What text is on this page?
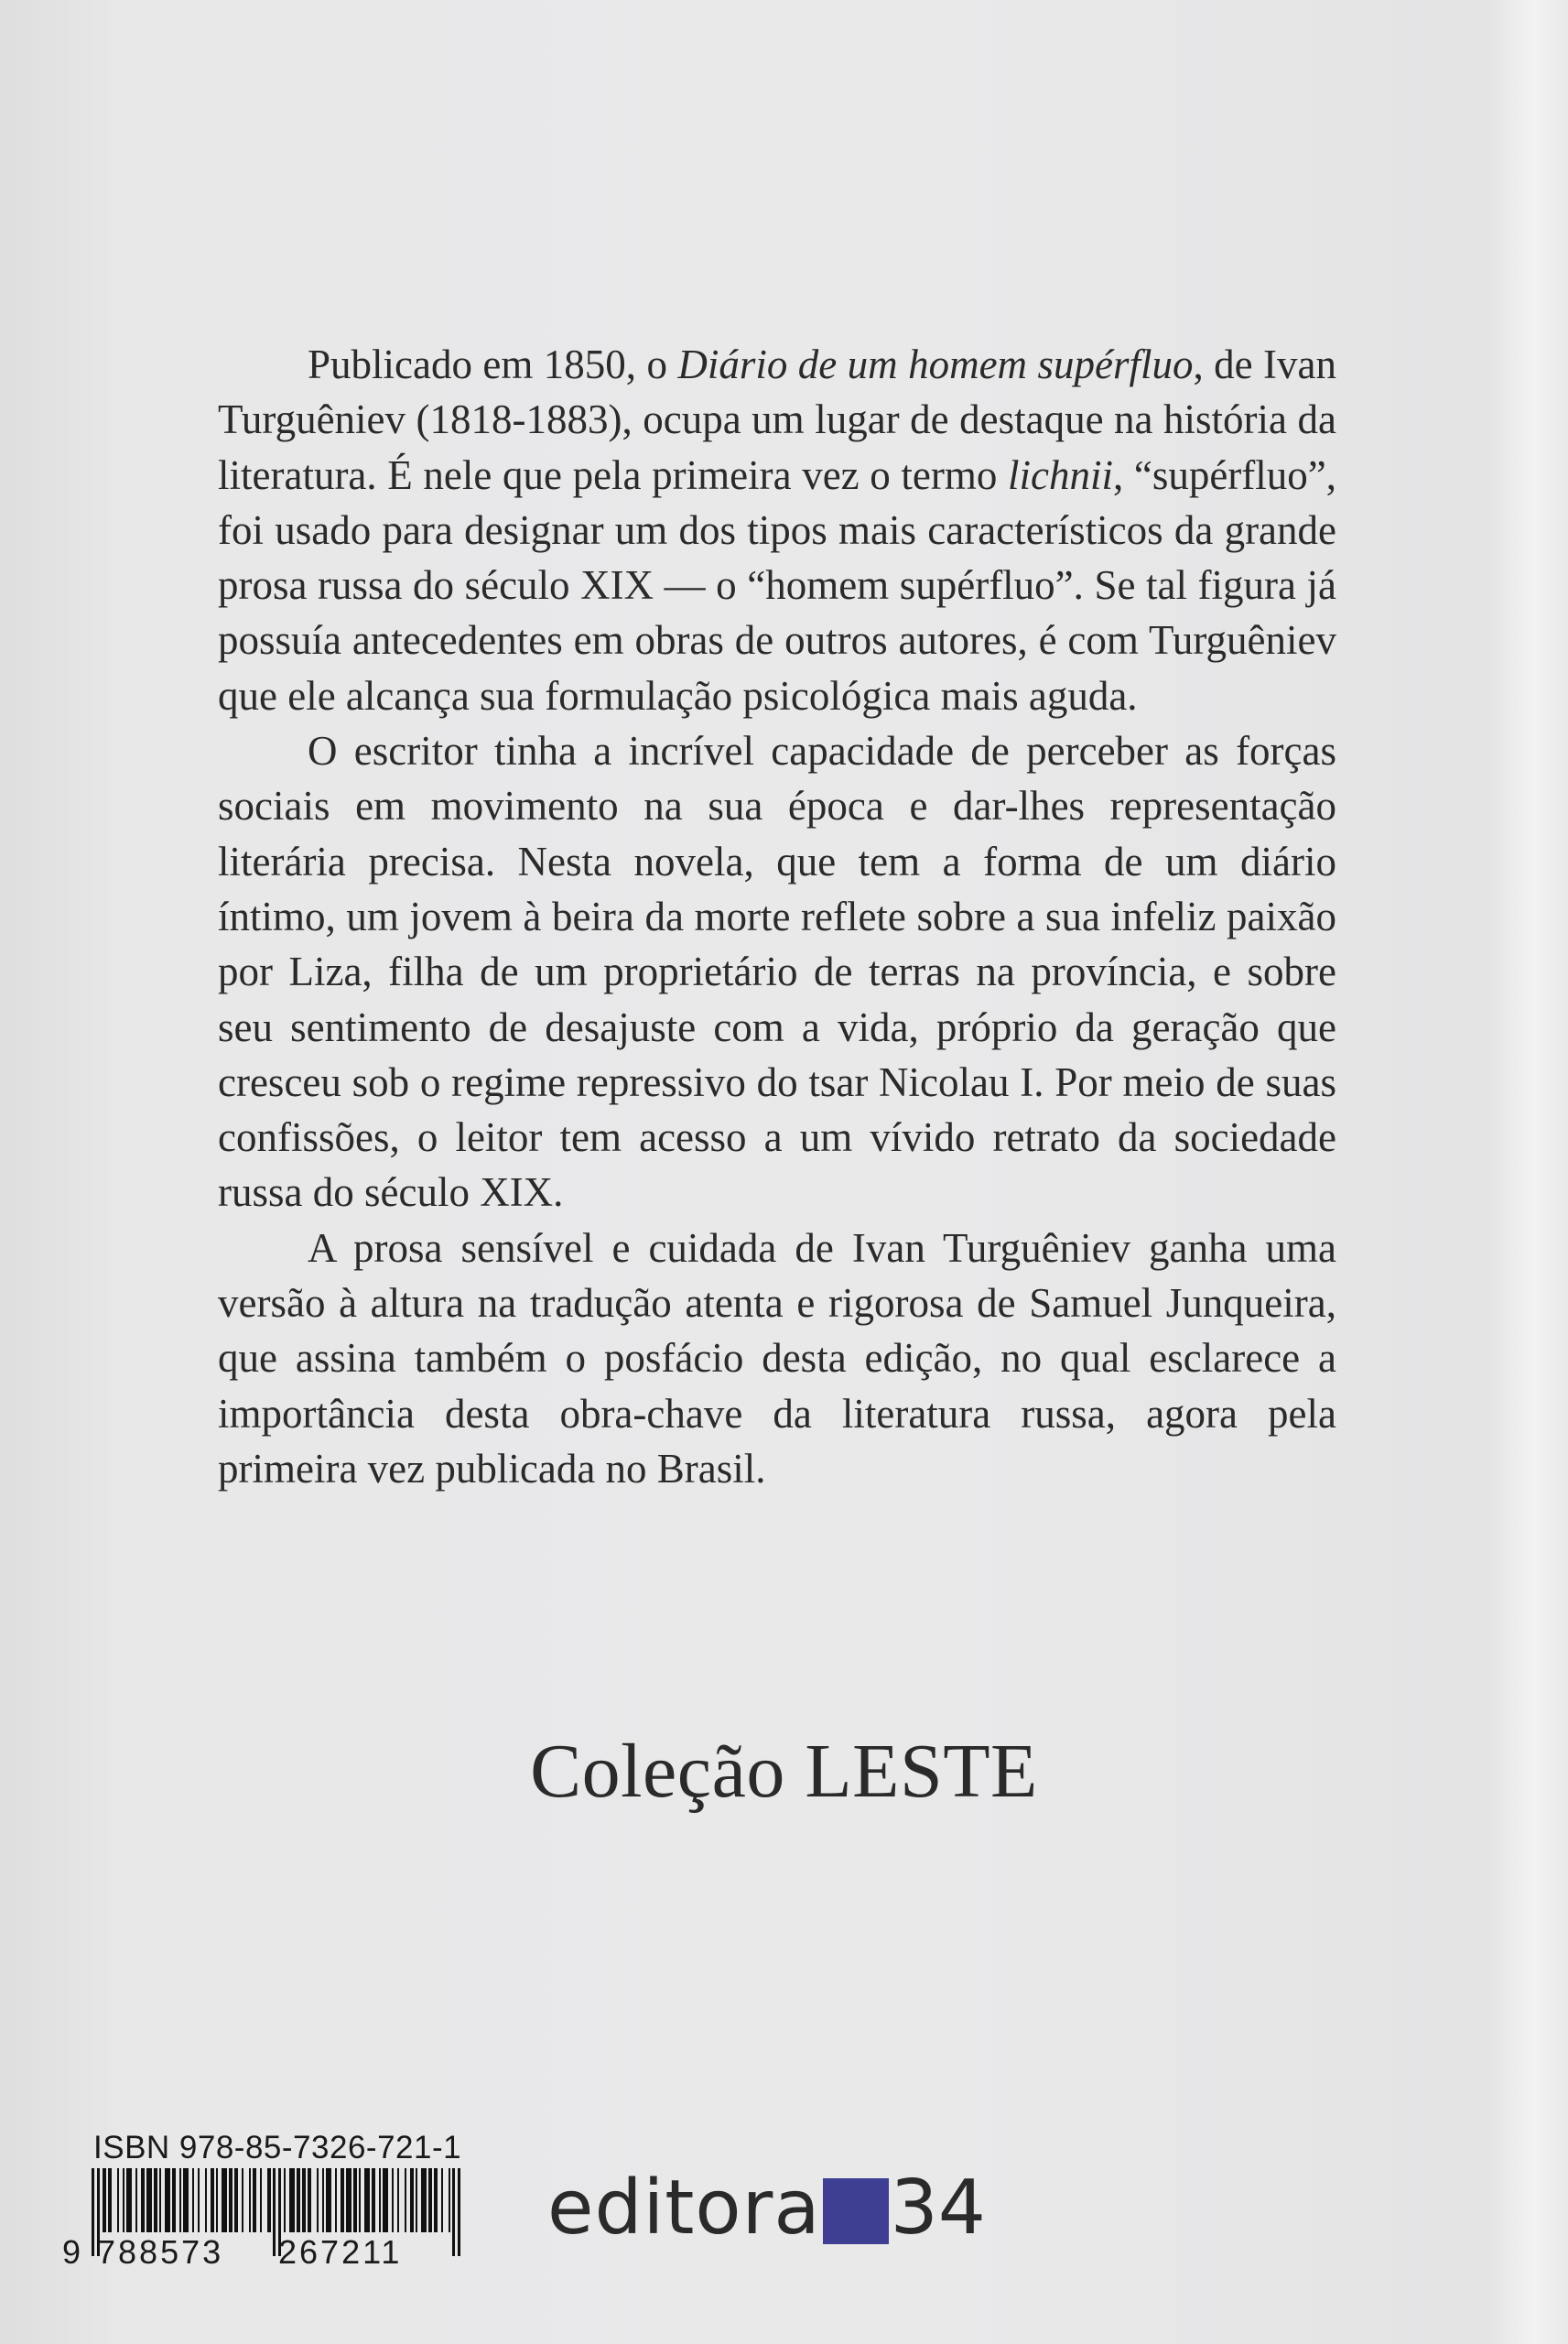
Publicado em 1850, o Diário de um homem supérfluo, de Ivan Turguêniev (1818-1883), ocupa um lugar de destaque na história da literatura. É nele que pela primeira vez o termo lichnii, “supérfluo”, foi usado para designar um dos tipos mais característicos da grande prosa russa do século XIX — o “homem supérfluo”. Se tal figura já possuía antecedentes em obras de outros autores, é com Turguêniev que ele alcança sua formulação psicológica mais aguda.

O escritor tinha a incrível capacidade de perceber as forças sociais em movimento na sua época e dar-lhes representação literária precisa. Nesta novela, que tem a forma de um diário íntimo, um jovem à beira da morte reflete sobre a sua infeliz paixão por Liza, filha de um proprietário de terras na província, e sobre seu sentimento de desajuste com a vida, próprio da geração que cresceu sob o regime repressivo do tsar Nicolau I. Por meio de suas confissões, o leitor tem acesso a um vívido retrato da sociedade russa do século XIX.

A prosa sensível e cuidada de Ivan Turguêniev ganha uma versão à altura na tradução atenta e rigorosa de Samuel Junqueira, que assina também o posfácio desta edição, no qual esclarece a importância desta obra-chave da literatura russa, agora pela primeira vez publicada no Brasil.

Coleção LESTE
ISBN 978-85-7326-721-1
9 788573 267211
editora 34
